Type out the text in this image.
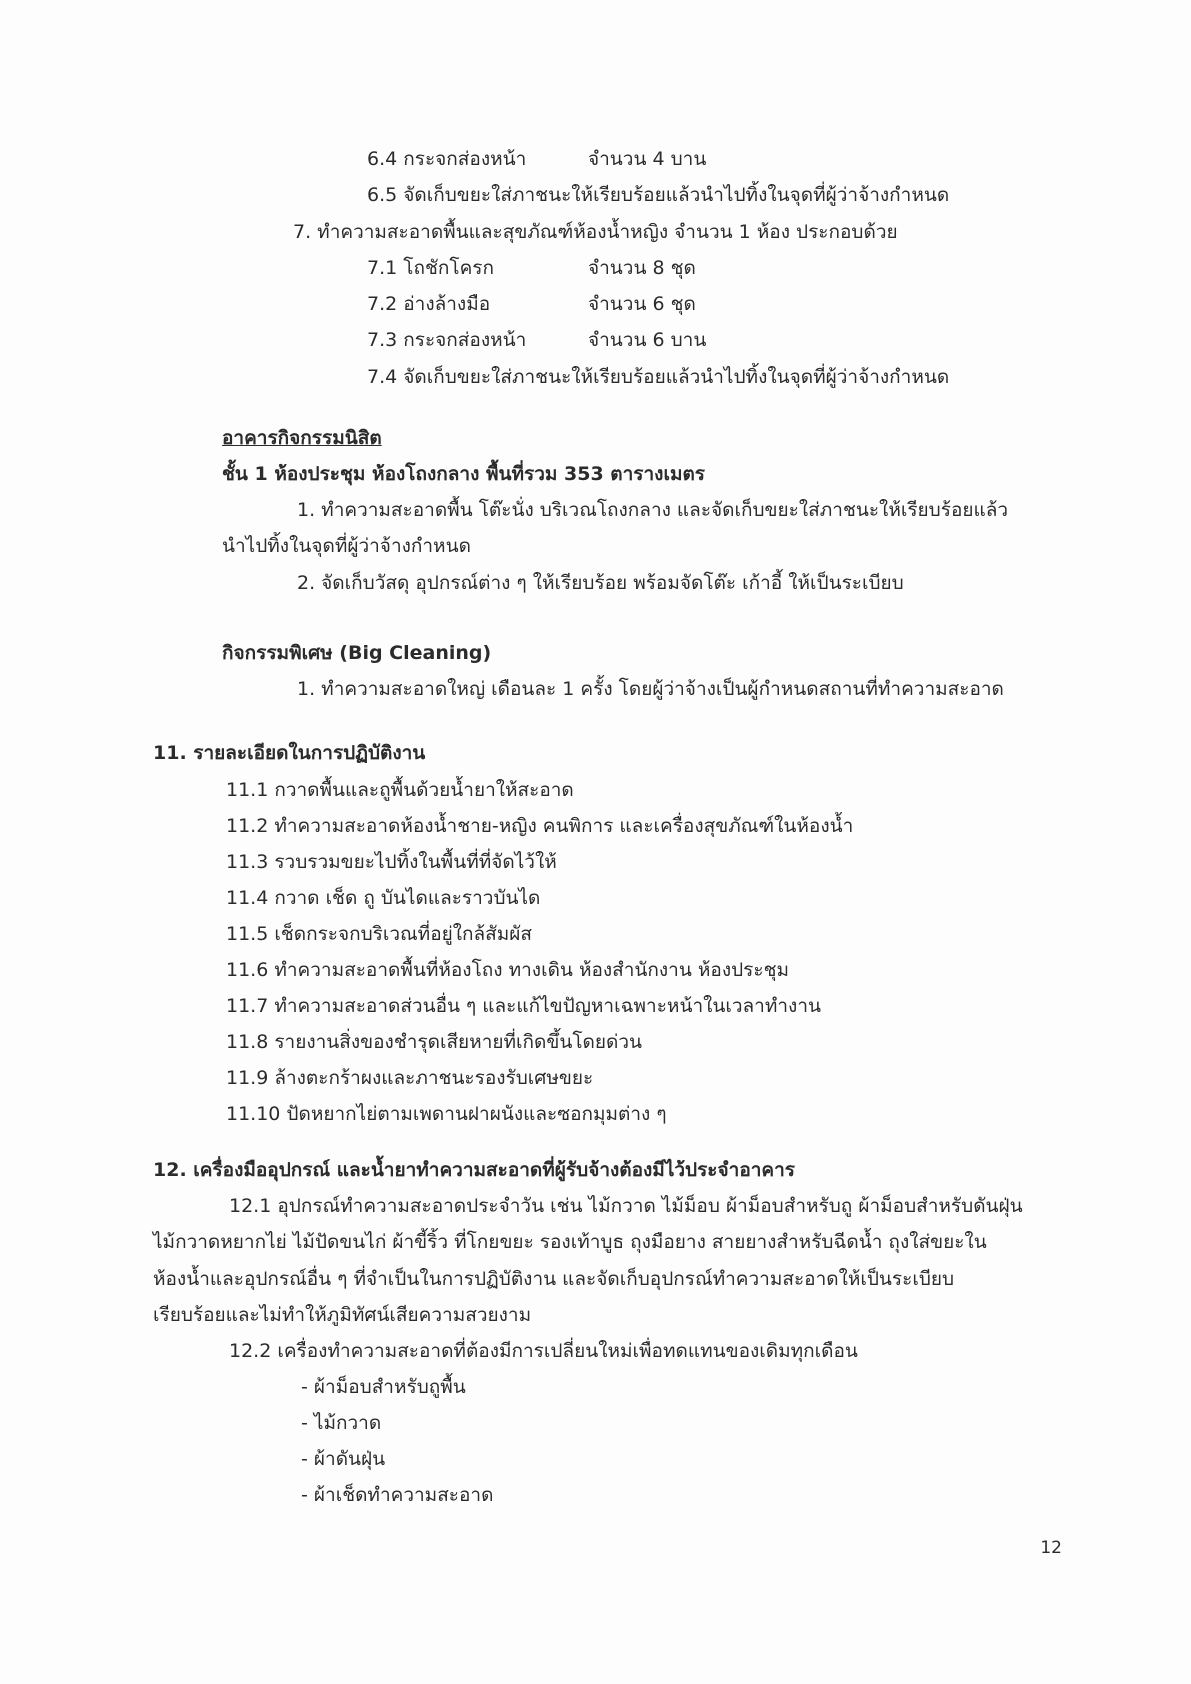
6.4 กระจกส่องหน้า	จำนวน 4 บาน
6.5 จัดเก็บขยะใส่ภาชนะให้เรียบร้อยแล้วนำไปทิ้งในจุดที่ผู้ว่าจ้างกำหนด
7. ทำความสะอาดพื้นและสุขภัณฑ์ห้องน้ำหญิง จำนวน 1 ห้อง ประกอบด้วย
7.1 โถชักโครก	จำนวน 8 ชุด
7.2 อ่างล้างมือ	จำนวน 6 ชุด
7.3 กระจกส่องหน้า	จำนวน 6 บาน
7.4 จัดเก็บขยะใส่ภาชนะให้เรียบร้อยแล้วนำไปทิ้งในจุดที่ผู้ว่าจ้างกำหนด
อาคารกิจกรรมนิสิต
ชั้น 1 ห้องประชุม ห้องโถงกลาง พื้นที่รวม 353 ตารางเมตร
1. ทำความสะอาดพื้น โต๊ะนั่ง บริเวณโถงกลาง และจัดเก็บขยะใส่ภาชนะให้เรียบร้อยแล้ว
นำไปทิ้งในจุดที่ผู้ว่าจ้างกำหนด
2. จัดเก็บวัสดุ อุปกรณ์ต่าง ๆ ให้เรียบร้อย พร้อมจัดโต๊ะ เก้าอี้ ให้เป็นระเบียบ
กิจกรรมพิเศษ (Big Cleaning)
1. ทำความสะอาดใหญ่ เดือนละ 1 ครั้ง โดยผู้ว่าจ้างเป็นผู้กำหนดสถานที่ทำความสะอาด
11. รายละเอียดในการปฏิบัติงาน
11.1 กวาดพื้นและถูพื้นด้วยน้ำยาให้สะอาด
11.2 ทำความสะอาดห้องน้ำชาย-หญิง คนพิการ และเครื่องสุขภัณฑ์ในห้องน้ำ
11.3 รวบรวมขยะไปทิ้งในพื้นที่ที่จัดไว้ให้
11.4 กวาด เช็ด ถู บันไดและราวบันได
11.5 เช็ดกระจกบริเวณที่อยู่ใกล้สัมผัส
11.6 ทำความสะอาดพื้นที่ห้องโถง ทางเดิน ห้องสำนักงาน ห้องประชุม
11.7 ทำความสะอาดส่วนอื่น ๆ และแก้ไขปัญหาเฉพาะหน้าในเวลาทำงาน
11.8 รายงานสิ่งของชำรุดเสียหายที่เกิดขึ้นโดยด่วน
11.9 ล้างตะกร้าผงและภาชนะรองรับเศษขยะ
11.10 ปัดหยากไย่ตามเพดานฝาผนังและซอกมุมต่าง ๆ
12. เครื่องมืออุปกรณ์ และน้ำยาทำความสะอาดที่ผู้รับจ้างต้องมีไว้ประจำอาคาร
12.1 อุปกรณ์ทำความสะอาดประจำวัน เช่น ไม้กวาด ไม้ม็อบ ผ้าม็อบสำหรับถู ผ้าม็อบสำหรับดันฝุ่น
ไม้กวาดหยากไย่ ไม้ปัดขนไก่ ผ้าขี้ริ้ว ที่โกยขยะ รองเท้าบูธ ถุงมือยาง สายยางสำหรับฉีดน้ำ ถุงใส่ขยะใน
ห้องน้ำและอุปกรณ์อื่น ๆ ที่จำเป็นในการปฏิบัติงาน และจัดเก็บอุปกรณ์ทำความสะอาดให้เป็นระเบียบ
เรียบร้อยและไม่ทำให้ภูมิทัศน์เสียความสวยงาม
12.2 เครื่องทำความสะอาดที่ต้องมีการเปลี่ยนใหม่เพื่อทดแทนของเดิมทุกเดือน
- ผ้าม็อบสำหรับถูพื้น
- ไม้กวาด
- ผ้าดันฝุ่น
- ผ้าเช็ดทำความสะอาด
12
